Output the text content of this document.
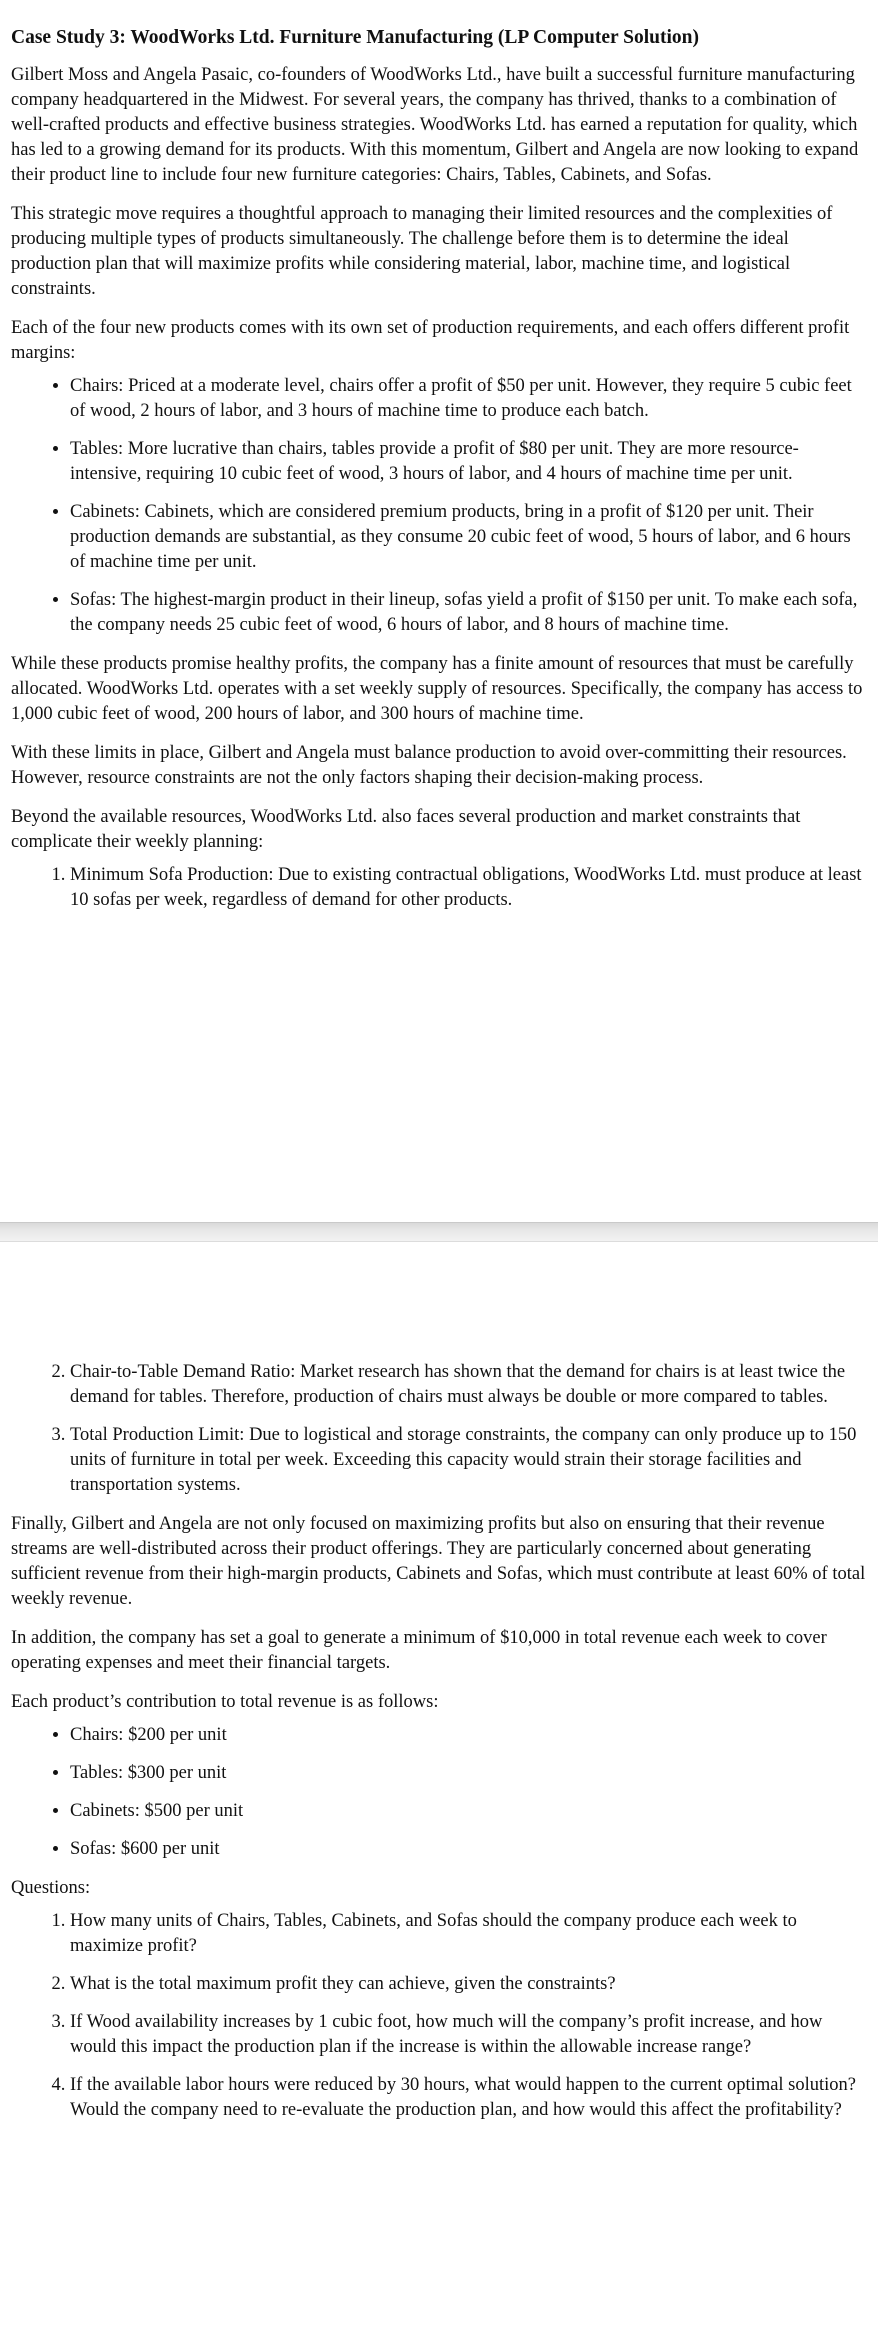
Case Study 3: WoodWorks Ltd. Furniture Manufacturing (LP Computer Solution)

Gilbert Moss and Angela Pasaic, co-founders of WoodWorks Ltd., have built a successful furniture manufacturing company headquartered in the Midwest. For several years, the company has thrived, thanks to a combination of well-crafted products and effective business strategies. WoodWorks Ltd. has earned a reputation for quality, which has led to a growing demand for its products. With this momentum, Gilbert and Angela are now looking to expand their product line to include four new furniture categories: Chairs, Tables, Cabinets, and Sofas.

This strategic move requires a thoughtful approach to managing their limited resources and the complexities of producing multiple types of products simultaneously. The challenge before them is to determine the ideal production plan that will maximize profits while considering material, labor, machine time, and logistical constraints.

Each of the four new products comes with its own set of production requirements, and each offers different profit margins:

• Chairs: Priced at a moderate level, chairs offer a profit of $50 per unit. However, they require 5 cubic feet of wood, 2 hours of labor, and 3 hours of machine time to produce each batch.
• Tables: More lucrative than chairs, tables provide a profit of $80 per unit. They are more resource-intensive, requiring 10 cubic feet of wood, 3 hours of labor, and 4 hours of machine time per unit.
• Cabinets: Cabinets, which are considered premium products, bring in a profit of $120 per unit. Their production demands are substantial, as they consume 20 cubic feet of wood, 5 hours of labor, and 6 hours of machine time per unit.
• Sofas: The highest-margin product in their lineup, sofas yield a profit of $150 per unit. To make each sofa, the company needs 25 cubic feet of wood, 6 hours of labor, and 8 hours of machine time.

While these products promise healthy profits, the company has a finite amount of resources that must be carefully allocated. WoodWorks Ltd. operates with a set weekly supply of resources. Specifically, the company has access to 1,000 cubic feet of wood, 200 hours of labor, and 300 hours of machine time.

With these limits in place, Gilbert and Angela must balance production to avoid over-committing their resources. However, resource constraints are not the only factors shaping their decision-making process.

Beyond the available resources, WoodWorks Ltd. also faces several production and market constraints that complicate their weekly planning:

1. Minimum Sofa Production: Due to existing contractual obligations, WoodWorks Ltd. must produce at least 10 sofas per week, regardless of demand for other products.
2. Chair-to-Table Demand Ratio: Market research has shown that the demand for chairs is at least twice the demand for tables. Therefore, production of chairs must always be double or more compared to tables.
3. Total Production Limit: Due to logistical and storage constraints, the company can only produce up to 150 units of furniture in total per week. Exceeding this capacity would strain their storage facilities and transportation systems.

Finally, Gilbert and Angela are not only focused on maximizing profits but also on ensuring that their revenue streams are well-distributed across their product offerings. They are particularly concerned about generating sufficient revenue from their high-margin products, Cabinets and Sofas, which must contribute at least 60% of total weekly revenue.

In addition, the company has set a goal to generate a minimum of $10,000 in total revenue each week to cover operating expenses and meet their financial targets.

Each product’s contribution to total revenue is as follows:

• Chairs: $200 per unit
• Tables: $300 per unit
• Cabinets: $500 per unit
• Sofas: $600 per unit

Questions:

1. How many units of Chairs, Tables, Cabinets, and Sofas should the company produce each week to maximize profit?
2. What is the total maximum profit they can achieve, given the constraints?
3. If Wood availability increases by 1 cubic foot, how much will the company’s profit increase, and how would this impact the production plan if the increase is within the allowable increase range?
4. If the available labor hours were reduced by 30 hours, what would happen to the current optimal solution? Would the company need to re-evaluate the production plan, and how would this affect the profitability?
